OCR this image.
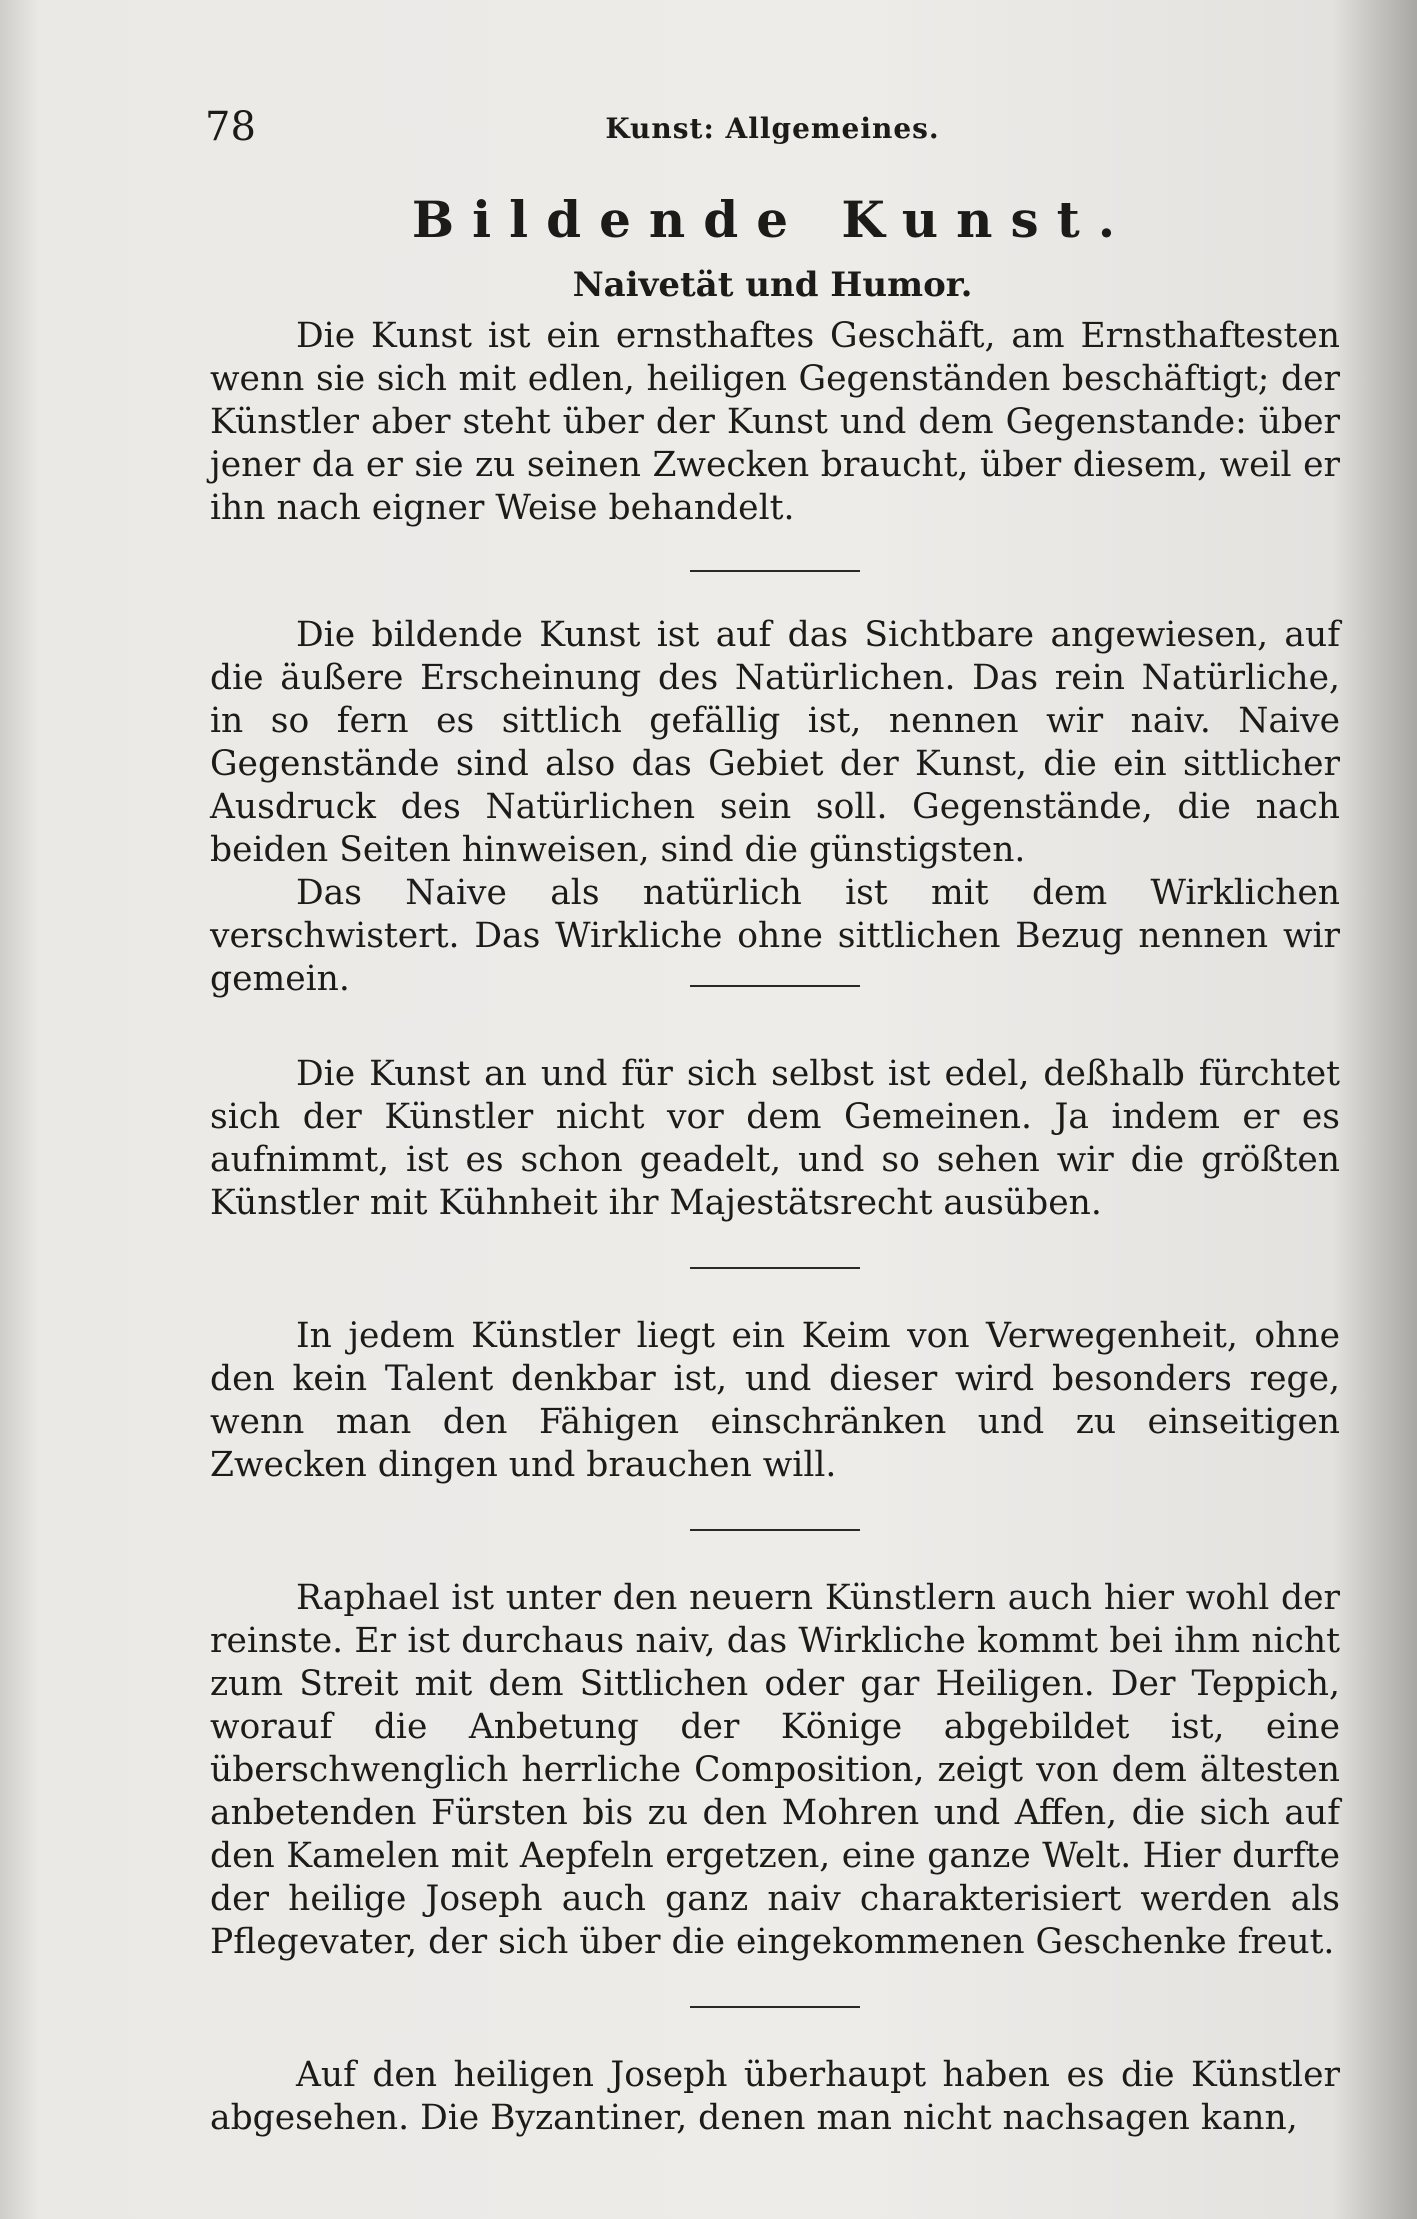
78	Kunst: Allgemeines.
Bildende Kunst.
Naivetät und Humor.

Die Kunst ist ein ernsthaftes Geschäft, am Ernsthaftesten wenn sie sich mit edlen, heiligen Gegenständen beschäftigt; der Künstler aber steht über der Kunst und dem Gegenstande: über jener da er sie zu seinen Zwecken braucht, über diesem, weil er ihn nach eigner Weise behandelt.

Die bildende Kunst ist auf das Sichtbare angewiesen, auf die äußere Erscheinung des Natürlichen. Das rein Natürliche, in so fern es sittlich gefällig ist, nennen wir naiv. Naive Gegenstände sind also das Gebiet der Kunst, die ein sittlicher Ausdruck des Natürlichen sein soll. Gegenstände, die nach beiden Seiten hinweisen, sind die günstigsten.

Das Naive als natürlich ist mit dem Wirklichen verschwistert. Das Wirkliche ohne sittlichen Bezug nennen wir gemein.

Die Kunst an und für sich selbst ist edel, deßhalb fürchtet sich der Künstler nicht vor dem Gemeinen. Ja indem er es aufnimmt, ist es schon geadelt, und so sehen wir die größten Künstler mit Kühnheit ihr Majestätsrecht ausüben.

In jedem Künstler liegt ein Keim von Verwegenheit, ohne den kein Talent denkbar ist, und dieser wird besonders rege, wenn man den Fähigen einschränken und zu einseitigen Zwecken dingen und brauchen will.

Raphael ist unter den neuern Künstlern auch hier wohl der reinste. Er ist durchaus naiv, das Wirkliche kommt bei ihm nicht zum Streit mit dem Sittlichen oder gar Heiligen. Der Teppich, worauf die Anbetung der Könige abgebildet ist, eine überschwenglich herrliche Composition, zeigt von dem ältesten anbetenden Fürsten bis zu den Mohren und Affen, die sich auf den Kamelen mit Aepfeln ergetzen, eine ganze Welt. Hier durfte der heilige Joseph auch ganz naiv charakterisiert werden als Pflegevater, der sich über die eingekommenen Geschenke freut.

Auf den heiligen Joseph überhaupt haben es die Künstler abgesehen. Die Byzantiner, denen man nicht nachsagen kann,
